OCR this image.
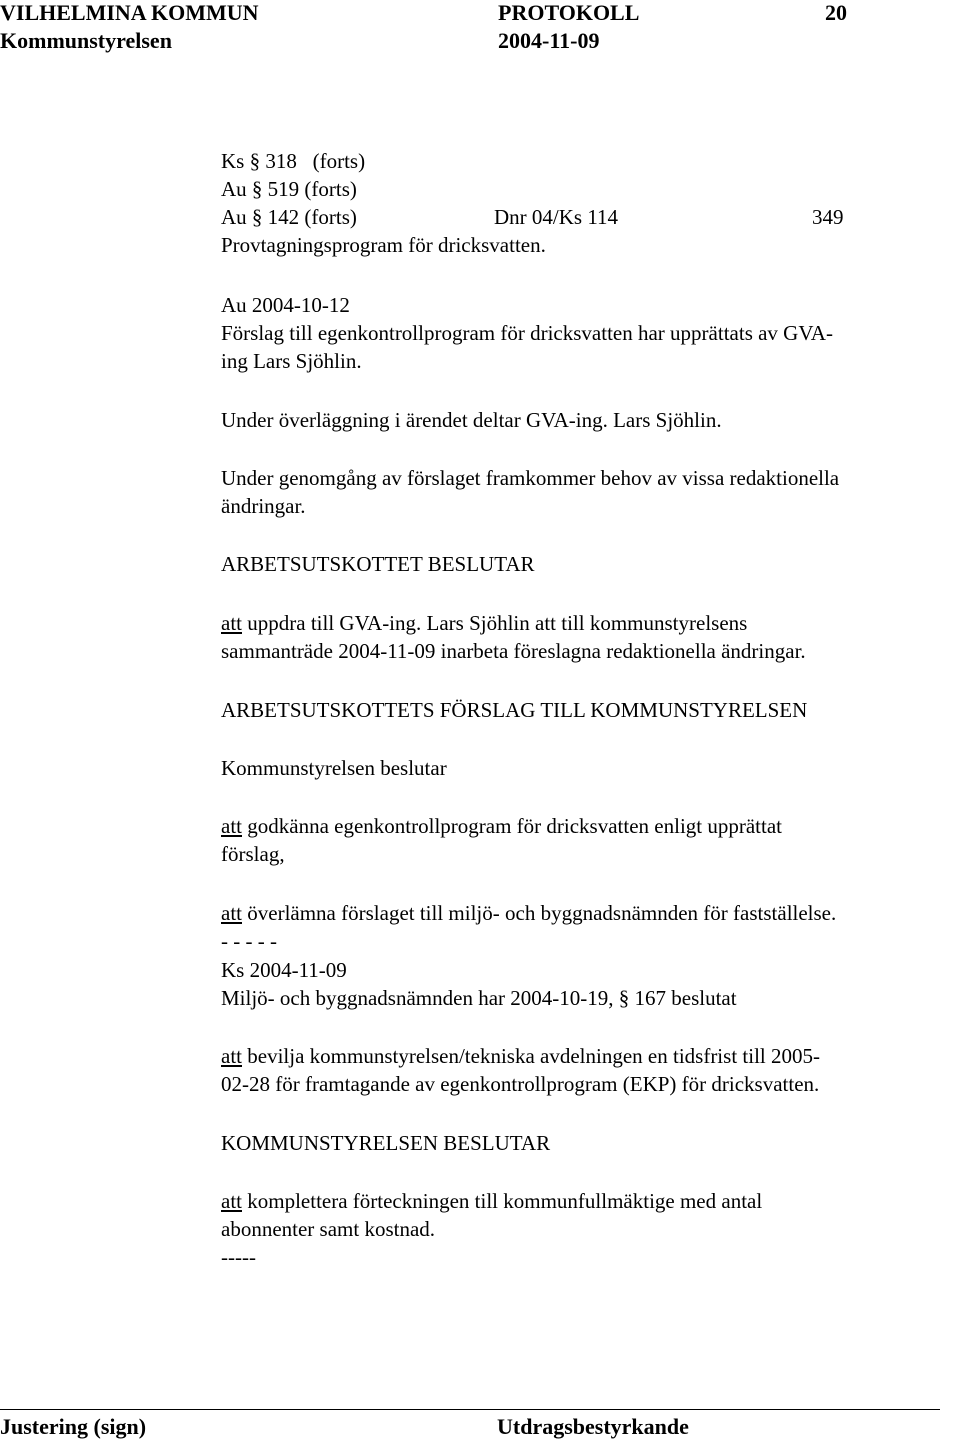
VILHELMINA KOMMUN	PROTOKOLL	20
Kommunstyrelsen	2004-11-09
Ks § 318 (forts)
Au § 519 (forts)
Au § 142 (forts)	Dnr 04/Ks 114	349
Provtagningsprogram för dricksvatten.
Au 2004-10-12
Förslag till egenkontrollprogram för dricksvatten har upprättats av GVA-
ing Lars Sjöhlin.
Under överläggning i ärendet deltar GVA-ing. Lars Sjöhlin.
Under genomgång av förslaget framkommer behov av vissa redaktionella
ändringar.
ARBETSUTSKOTTET BESLUTAR
att uppdra till GVA-ing. Lars Sjöhlin att till kommunstyrelsens
sammanträde 2004-11-09 inarbeta föreslagna redaktionella ändringar.
ARBETSUTSKOTTETS FÖRSLAG TILL KOMMUNSTYRELSEN
Kommunstyrelsen beslutar
att godkänna egenkontrollprogram för dricksvatten enligt upprättat
förslag,
att överlämna förslaget till miljö- och byggnadsnämnden för fastställelse.
- - - - -
Ks 2004-11-09
Miljö- och byggnadsnämnden har 2004-10-19, § 167 beslutat
att bevilja kommunstyrelsen/tekniska avdelningen en tidsfrist till 2005-
02-28 för framtagande av egenkontrollprogram (EKP) för dricksvatten.
KOMMUNSTYRELSEN BESLUTAR
att komplettera förteckningen till kommunfullmäktige med antal
abonnenter samt kostnad.
-----
Justering (sign)	Utdragsbestyrkande
